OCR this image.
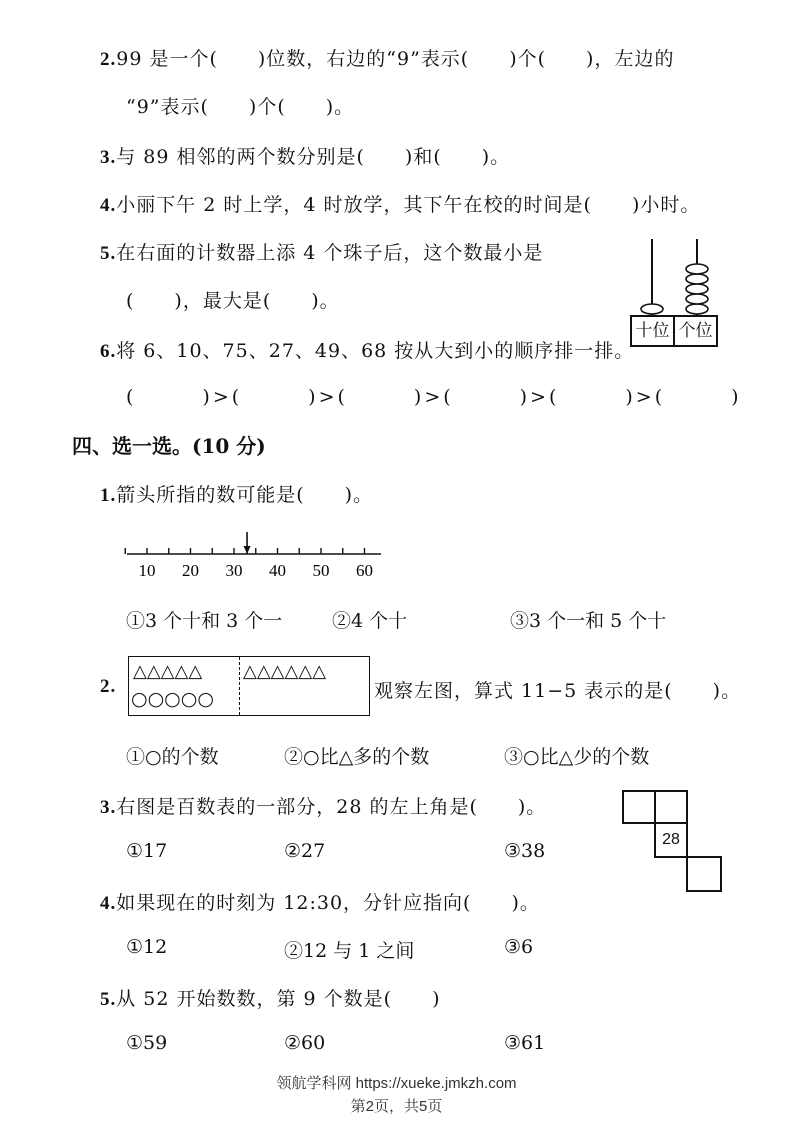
2.99 是一个(　　)位数，右边的“9”表示(　　)个(　　)，左边的
“9”表示(　　)个(　　)。
3.与 89 相邻的两个数分别是(　　)和(　　)。
4.小丽下午 2 时上学，4 时放学，其下午在校的时间是(　　)小时。
5.在右面的计数器上添 4 个珠子后，这个数最小是
(　　)，最大是(　　)。
十位 个位
6.将 6、10、75、27、49、68 按从大到小的顺序排一排。
(　　　)>(　　　)>(　　　)>(　　　)>(　　　)>(　　　)
四、选一选。(10 分)
1.箭头所指的数可能是(　　)。
10 20 30 40 50 60
①3 个十和 3 个一	②4 个十	③3 个一和 5 个十
2.
△△△△△ △△△△△△
○○○○○	观察左图，算式 11−5 表示的是(　　)。
①○的个数	②○比△多的个数	③○比△少的个数
3.右图是百数表的一部分，28 的左上角是(　　)。
①17	②27	③38
28
4.如果现在的时刻为 12:30，分针应指向(　　)。
①12	②12 与 1 之间	③6
5.从 52 开始数数，第 9 个数是(　　)
①59	②60	③61
领航学科网 https://xueke.jmkzh.com
第2页，共5页
